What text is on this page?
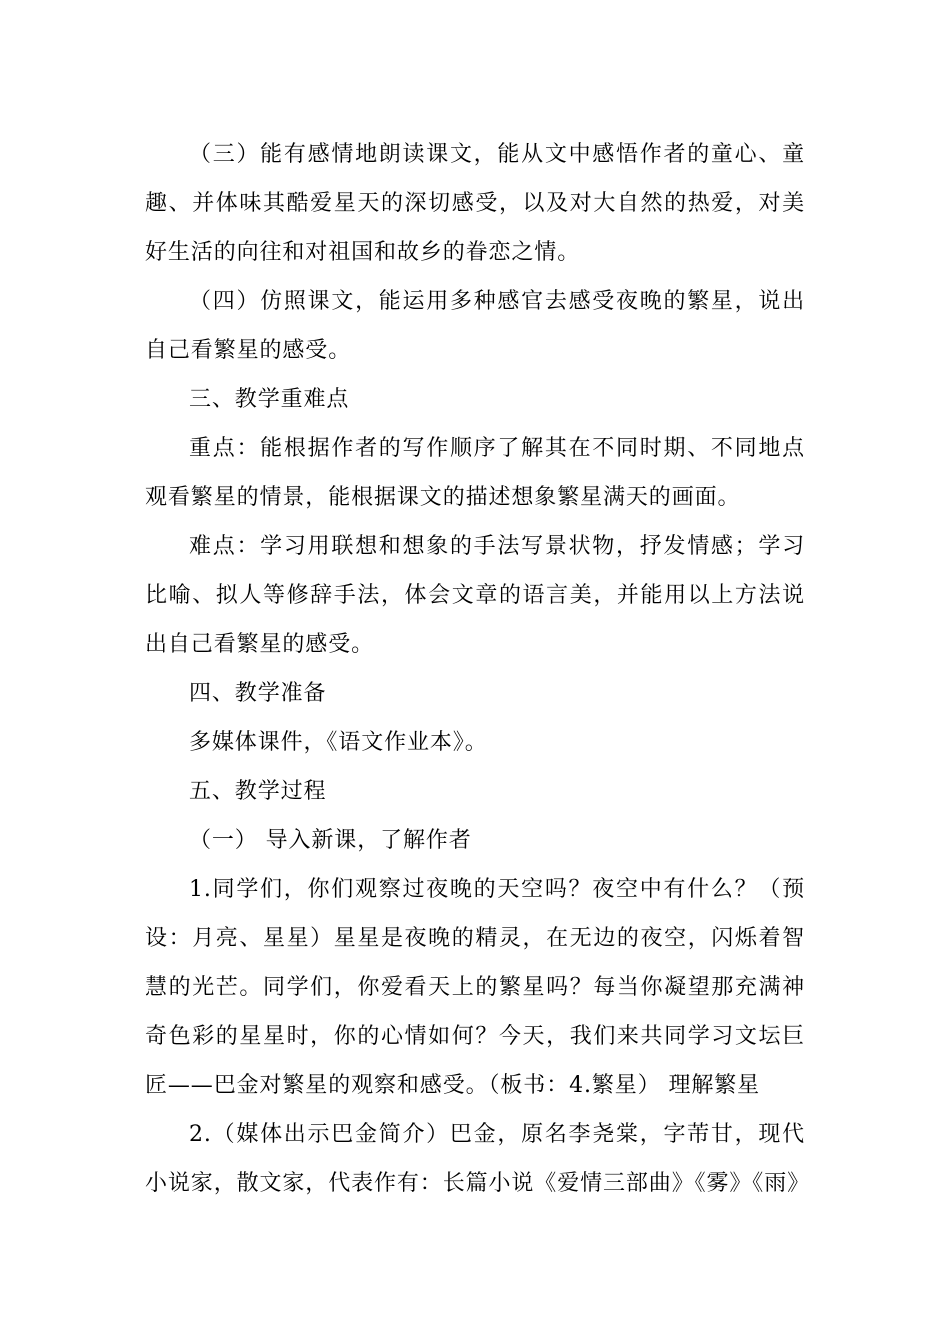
（三）能有感情地朗读课文，能从文中感悟作者的童心、童趣、并体味其酷爱星天的深切感受，以及对大自然的热爱，对美好生活的向往和对祖国和故乡的眷恋之情。

（四）仿照课文，能运用多种感官去感受夜晚的繁星，说出自己看繁星的感受。

三、教学重难点

重点：能根据作者的写作顺序了解其在不同时期、不同地点观看繁星的情景，能根据课文的描述想象繁星满天的画面。

难点：学习用联想和想象的手法写景状物，抒发情感；学习比喻、拟人等修辞手法，体会文章的语言美，并能用以上方法说出自己看繁星的感受。

四、教学准备

多媒体课件，《语文作业本》。

五、教学过程

（一） 导入新课，了解作者

1.同学们，你们观察过夜晚的天空吗？夜空中有什么？（预设：月亮、星星）星星是夜晚的精灵，在无边的夜空，闪烁着智慧的光芒。同学们，你爱看天上的繁星吗？每当你凝望那充满神奇色彩的星星时，你的心情如何？今天，我们来共同学习文坛巨匠——巴金对繁星的观察和感受。（板书：4.繁星） 理解繁星

2.（媒体出示巴金简介）巴金，原名李尧棠，字芾甘，现代小说家，散文家，代表作有：长篇小说《爱情三部曲》《雾》《雨》
